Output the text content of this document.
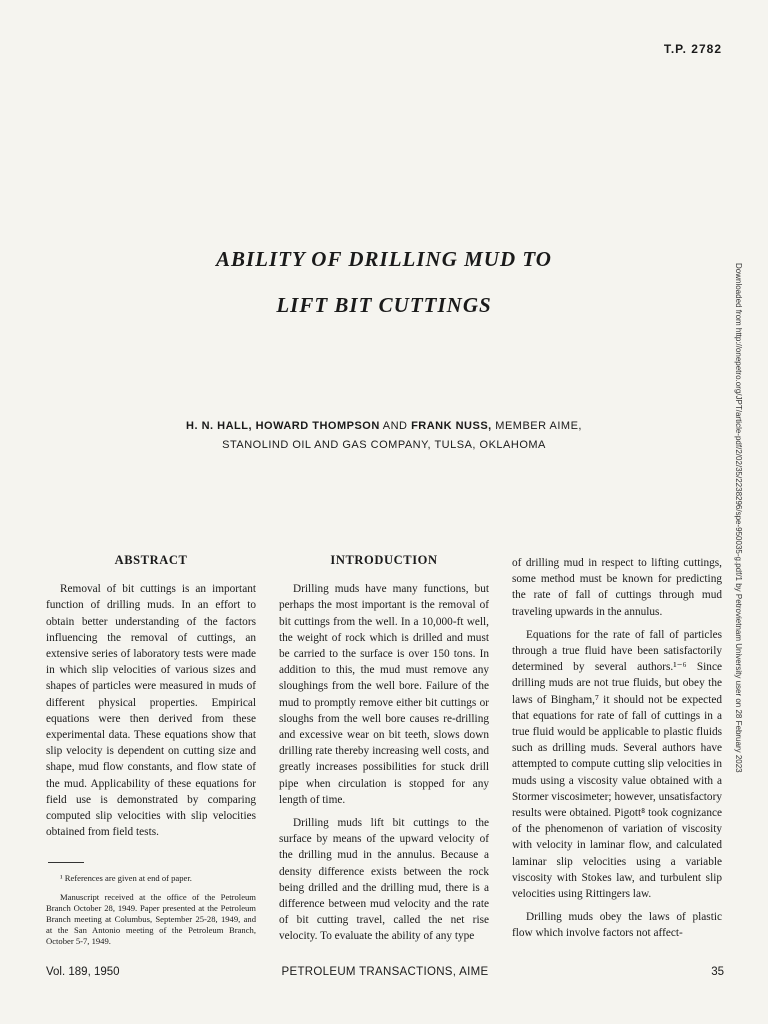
T.P. 2782
ABILITY OF DRILLING MUD TO
LIFT BIT CUTTINGS
H. N. HALL, HOWARD THOMPSON AND FRANK NUSS, MEMBER AIME,
STANOLIND OIL AND GAS COMPANY, TULSA, OKLAHOMA	Downloaded from http://onepetro.org/JPT/article-pdf/2/02/35/2238296/spe-950035-g.pdf/1 by Petrovietnam University user on 28 February 2023
ABSTRACT

Removal of bit cuttings is an important function of drilling muds. In an effort to obtain better understanding of the factors influencing the removal of cuttings, an extensive series of laboratory tests were made in which slip velocities of various sizes and shapes of particles were measured in muds of different physical properties. Empirical equations were then derived from these experimental data. These equations show that slip velocity is dependent on cutting size and shape, mud flow constants, and flow state of the mud. Applicability of these equations for field use is demonstrated by comparing computed slip velocities with slip velocities obtained from field tests.

¹ References are given at end of paper.

Manuscript received at the office of the Petroleum Branch October 28, 1949. Paper presented at the Petroleum Branch meeting at Columbus, September 25-28, 1949, and at the San Antonio meeting of the Petroleum Branch, October 5-7, 1949.

INTRODUCTION

Drilling muds have many functions, but perhaps the most important is the removal of bit cuttings from the well. In a 10,000-ft well, the weight of rock which is drilled and must be carried to the surface is over 150 tons. In addition to this, the mud must remove any sloughings from the well bore. Failure of the mud to promptly remove either bit cuttings or sloughs from the well bore causes re-drilling and excessive wear on bit teeth, slows down drilling rate thereby increasing well costs, and greatly increases possibilities for stuck drill pipe when circulation is stopped for any length of time.

Drilling muds lift bit cuttings to the surface by means of the upward velocity of the drilling mud in the annulus. Because a density difference exists between the rock being drilled and the drilling mud, there is a difference between mud velocity and the rate of bit cutting travel, called the net rise velocity. To evaluate the ability of any type

of drilling mud in respect to lifting cuttings, some method must be known for predicting the rate of fall of cuttings through mud traveling upwards in the annulus.

Equations for the rate of fall of particles through a true fluid have been satisfactorily determined by several authors.¹⁻⁶ Since drilling muds are not true fluids, but obey the laws of Bingham,⁷ it should not be expected that equations for rate of fall of cuttings in a true fluid would be applicable to plastic fluids such as drilling muds. Several authors have attempted to compute cutting slip velocities in muds using a viscosity value obtained with a Stormer viscosimeter; however, unsatisfactory results were obtained. Pigott⁸ took cognizance of the phenomenon of variation of viscosity with velocity in laminar flow, and calculated laminar slip velocities using a variable viscosity with Stokes law, and turbulent slip velocities using Rittingers law.

Drilling muds obey the laws of plastic flow which involve factors not affect-

PETROLEUM TRANSACTIONS, AIME
Vol. 189, 1950	35
